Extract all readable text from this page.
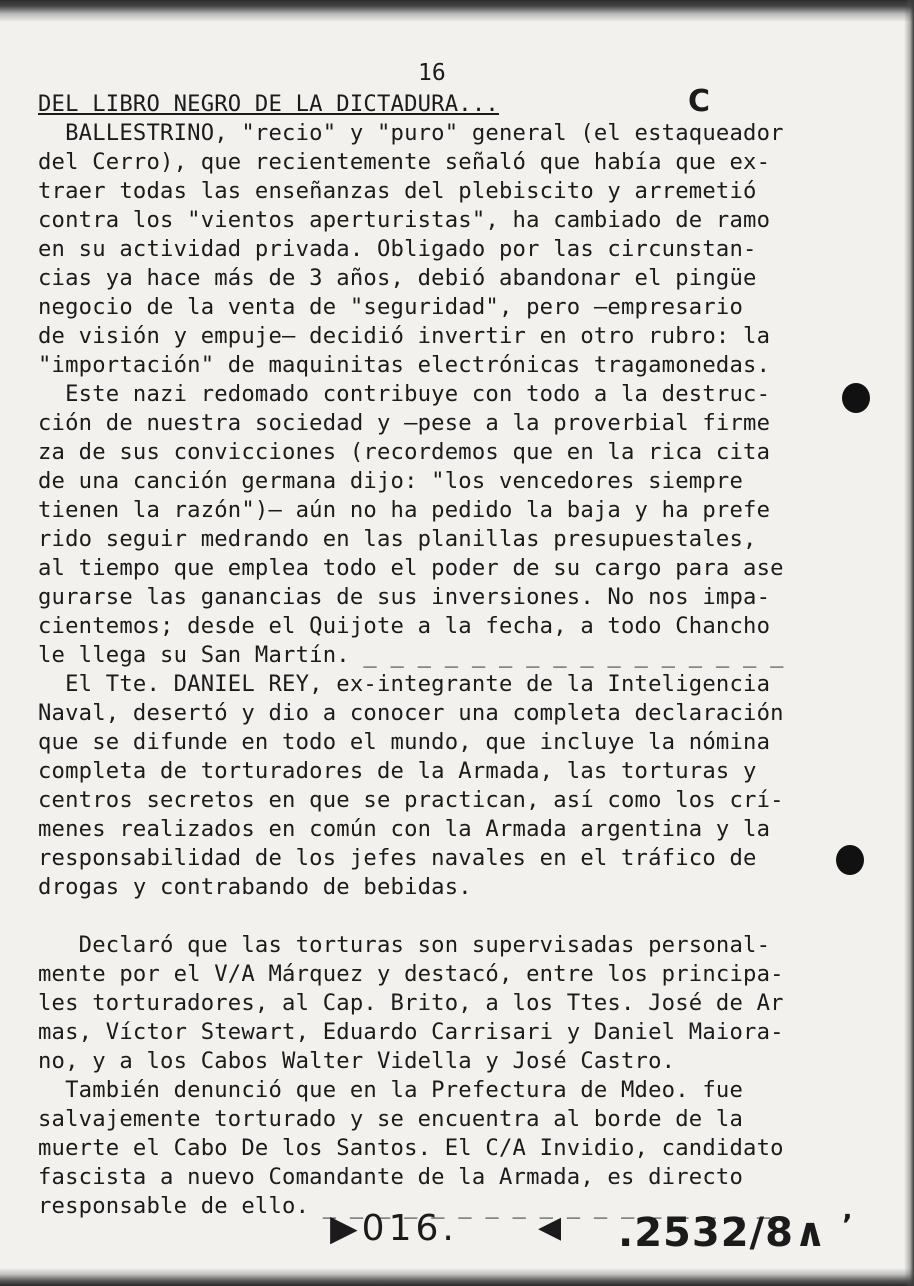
16
C
DEL LIBRO NEGRO DE LA DICTADURA...
BALLESTRINO, "recio" y "puro" general (el estaqueador
del Cerro), que recientemente señaló que había que ex-
traer todas las enseñanzas del plebiscito y arremetió
contra los "vientos aperturistas", ha cambiado de ramo
en su actividad privada. Obligado por las circunstan-
cias ya hace más de 3 años, debió abandonar el pingüe
negocio de la venta de "seguridad", pero —empresario
de visión y empuje— decidió invertir en otro rubro: la
"importación" de maquinitas electrónicas tragamonedas.
Este nazi redomado contribuye con todo a la destruc-
ción de nuestra sociedad y —pese a la proverbial firme
za de sus convicciones (recordemos que en la rica cita
de una canción germana dijo: "los vencedores siempre
tienen la razón")— aún no ha pedido la baja y ha prefe
rido seguir medrando en las planillas presupuestales,
al tiempo que emplea todo el poder de su cargo para ase
gurarse las ganancias de sus inversiones. No nos impa-
cientemos; desde el Quijote a la fecha, a todo Chancho
le llega su San Martín. _ _ _ _ _ _ _ _ _ _ _ _ _ _ _ _
El Tte. DANIEL REY, ex-integrante de la Inteligencia
Naval, desertó y dio a conocer una completa declaración
que se difunde en todo el mundo, que incluye la nómina
completa de torturadores de la Armada, las torturas y
centros secretos en que se practican, así como los crí-
menes realizados en común con la Armada argentina y la
responsabilidad de los jefes navales en el tráfico de
drogas y contrabando de bebidas.
Declaró que las torturas son supervisadas personal-
mente por el V/A Márquez y destacó, entre los principa-
les torturadores, al Cap. Brito, a los Ttes. José de Ar
mas, Víctor Stewart, Eduardo Carrisari y Daniel Maiora-
no, y a los Cabos Walter Vidella y José Castro.
También denunció que en la Prefectura de Mdeo. fue
salvajemente torturado y se encuentra al borde de la
muerte el Cabo De los Santos. El C/A Invidio, candidato
fascista a nuevo Comandante de la Armada, es directo
responsable de ello. _ _ _ _ _ _ _ _ _ _ _ _ _ _ _ _ _
▶016.	◀ .2532/8∧ ʼ
